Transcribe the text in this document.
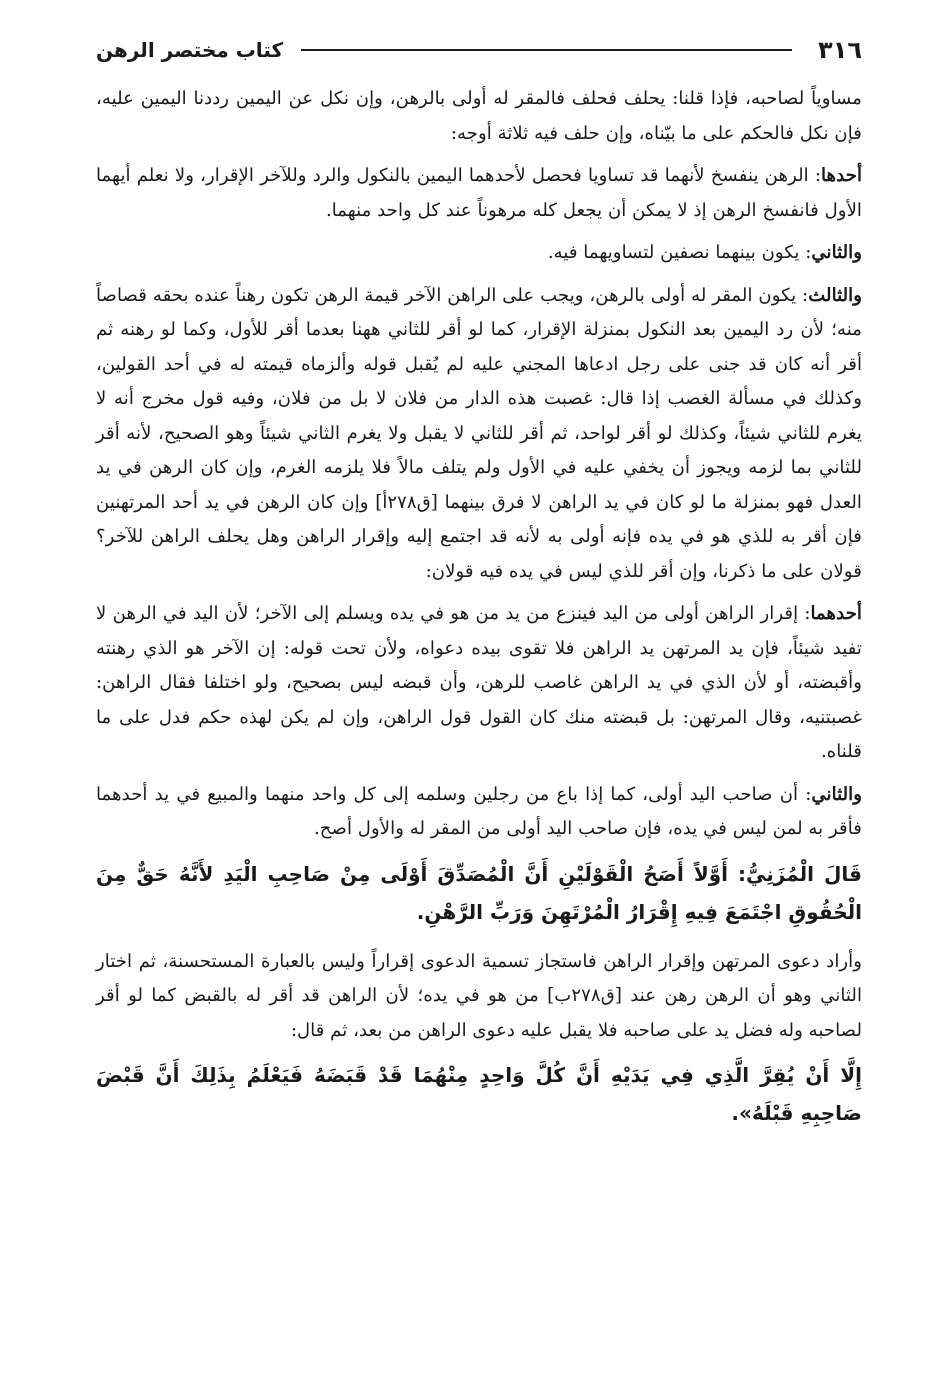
٣١٦
كتاب مختصر الرهن

مساوياً لصاحبه، فإذا قلنا: يحلف فحلف فالمقر له أولى بالرهن، وإن نكل عن اليمين رددنا اليمين عليه، فإن نكل فالحكم على ما بيّناه، وإن حلف فيه ثلاثة أوجه:

أحدها: الرهن ينفسخ لأنهما قد تساويا فحصل لأحدهما اليمين بالنكول والرد وللآخر الإقرار، ولا نعلم أيهما الأول فانفسخ الرهن إذ لا يمكن أن يجعل كله مرهوناً عند كل واحد منهما.

والثاني: يكون بينهما نصفين لتساويهما فيه.

والثالث: يكون المقر له أولى بالرهن، ويجب على الراهن الآخر قيمة الرهن تكون رهناً عنده بحقه قصاصاً منه؛ لأن رد اليمين بعد النكول بمنزلة الإقرار، كما لو أقر للثاني ههنا بعدما أقر للأول، وكما لو رهنه ثم أقر أنه كان قد جنى على رجل ادعاها المجني عليه لم يُقبل قوله وألزماه قيمته له في أحد القولين، وكذلك في مسألة الغصب إذا قال: غصبت هذه الدار من فلان لا بل من فلان، وفيه قول مخرج أنه لا يغرم للثاني شيئاً، وكذلك لو أقر لواحد، ثم أقر للثاني لا يقبل ولا يغرم الثاني شيئاً وهو الصحيح، لأنه أقر للثاني بما لزمه ويجوز أن يخفي عليه في الأول ولم يتلف مالاً فلا يلزمه الغرم، وإن كان الرهن في يد العدل فهو بمنزلة ما لو كان في يد الراهن لا فرق بينهما [ق٢٧٨أ] وإن كان الرهن في يد أحد المرتهنين فإن أقر به للذي هو في يده فإنه أولى به لأنه قد اجتمع إليه وإقرار الراهن وهل يحلف الراهن للآخر؟ قولان على ما ذكرنا، وإن أقر للذي ليس في يده فيه قولان:

أحدهما: إقرار الراهن أولى من اليد فينزع من يد من هو في يده ويسلم إلى الآخر؛ لأن اليد في الرهن لا تفيد شيئاً، فإن يد المرتهن يد الراهن فلا تقوى بيده دعواه، ولأن تحت قوله: إن الآخر هو الذي رهنته وأقبضته، أو لأن الذي في يد الراهن غاصب للرهن، وأن قبضه ليس بصحيح، ولو اختلفا فقال الراهن: غصبتنيه، وقال المرتهن: بل قبضته منك كان القول قول الراهن، وإن لم يكن لهذه حكم فدل على ما قلناه.

والثاني: أن صاحب اليد أولى، كما إذا باع من رجلين وسلمه إلى كل واحد منهما والمبيع في يد أحدهما فأقر به لمن ليس في يده، فإن صاحب اليد أولى من المقر له والأول أصح.

قَالَ الْمُزَنِيُّ: أَوَّلاً أَصَحُ الْقَوْلَيْنِ أَنَّ الْمُصَدِّقَ أَوْلَى مِنْ صَاحِبِ الْيَدِ لأَنَّهُ حَقٌّ مِنَ الْحُقُوقِ اجْتَمَعَ فِيهِ إِقْرَارُ الْمُرْتَهِنَ وَرَبِّ الرَّهْنِ.

وأراد دعوى المرتهن وإقرار الراهن فاستجاز تسمية الدعوى إقراراً وليس بالعبارة المستحسنة، ثم اختار الثاني وهو أن الرهن رهن عند [ق٢٧٨ب] من هو في يده؛ لأن الراهن قد أقر له بالقبض كما لو أقر لصاحبه وله فضل يد على صاحبه فلا يقبل عليه دعوى الراهن من بعد، ثم قال:

إِلَّا أَنْ يُقِرَّ الَّذِي فِي يَدَيْهِ أَنَّ كُلَّ وَاحِدٍ مِنْهُمَا قَدْ قَبَضَهُ فَيَعْلَمُ بِذَلِكَ أَنَّ قَبْضَ صَاحِبِهِ قَبْلَهُ».
